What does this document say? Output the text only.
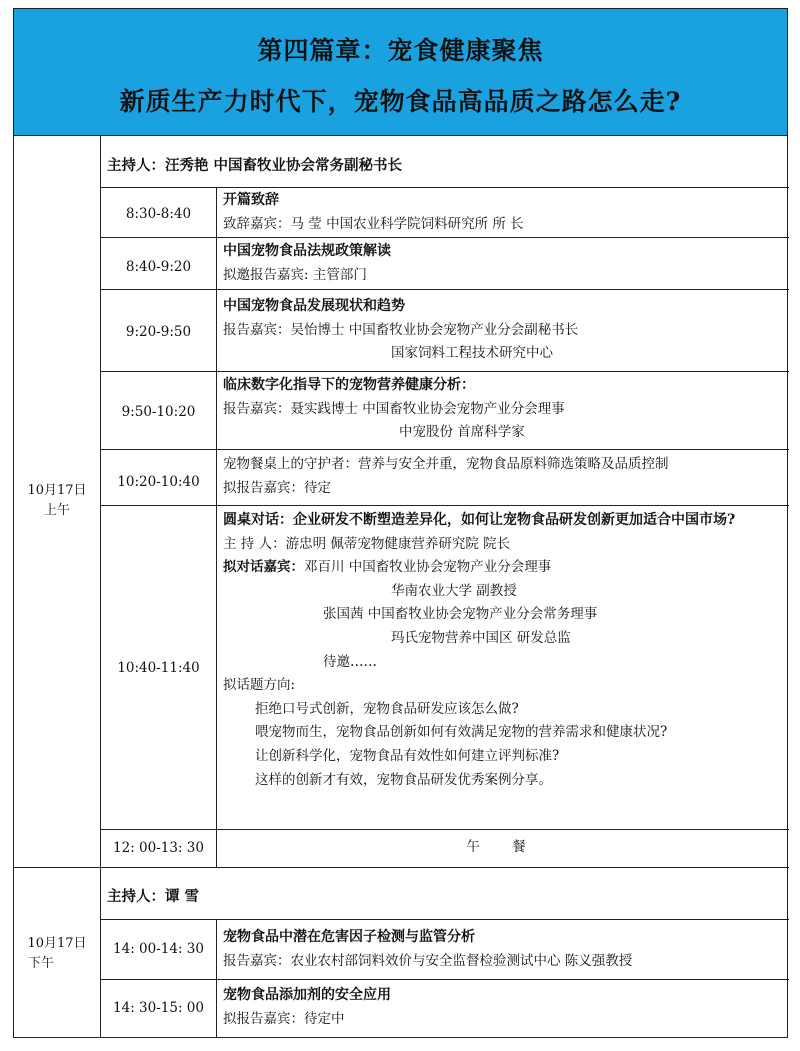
第四篇章：宠食健康聚焦
新质生产力时代下，宠物食品高品质之路怎么走?
10月17日
上午
主持人：汪秀艳 中国畜牧业协会常务副秘书长
8:30-8:40
开篇致辞
致辞嘉宾：马 莹 中国农业科学院饲料研究所 所 长
8:40-9:20
中国宠物食品法规政策解读
拟邀报告嘉宾: 主管部门
9:20-9:50
中国宠物食品发展现状和趋势
报告嘉宾：吴怡博士 中国畜牧业协会宠物产业分会副秘书长
国家饲料工程技术研究中心
9:50-10:20
临床数字化指导下的宠物营养健康分析：
报告嘉宾：聂实践博士 中国畜牧业协会宠物产业分会理事
中宠股份 首席科学家
10:20-10:40
宠物餐桌上的守护者：营养与安全并重，宠物食品原料筛选策略及品质控制
拟报告嘉宾：待定
10:40-11:40
圆桌对话：企业研发不断塑造差异化，如何让宠物食品研发创新更加适合中国市场?
主 持 人：游忠明 佩蒂宠物健康营养研究院 院长
拟对话嘉宾：邓百川 中国畜牧业协会宠物产业分会理事
华南农业大学 副教授
张国茜 中国畜牧业协会宠物产业分会常务理事
玛氏宠物营养中国区 研发总监
待邀……
拟话题方向:
拒绝口号式创新，宠物食品研发应该怎么做?
喂宠物而生，宠物食品创新如何有效满足宠物的营养需求和健康状况?
让创新科学化，宠物食品有效性如何建立评判标准?
这样的创新才有效，宠物食品研发优秀案例分享。
12: 00-13: 30	午 餐
10月17日
下午
主持人：谭 雪
14: 00-14: 30
宠物食品中潜在危害因子检测与监管分析
报告嘉宾：农业农村部饲料效价与安全监督检验测试中心 陈义强教授
14: 30-15: 00
宠物食品添加剂的安全应用
拟报告嘉宾：待定中
